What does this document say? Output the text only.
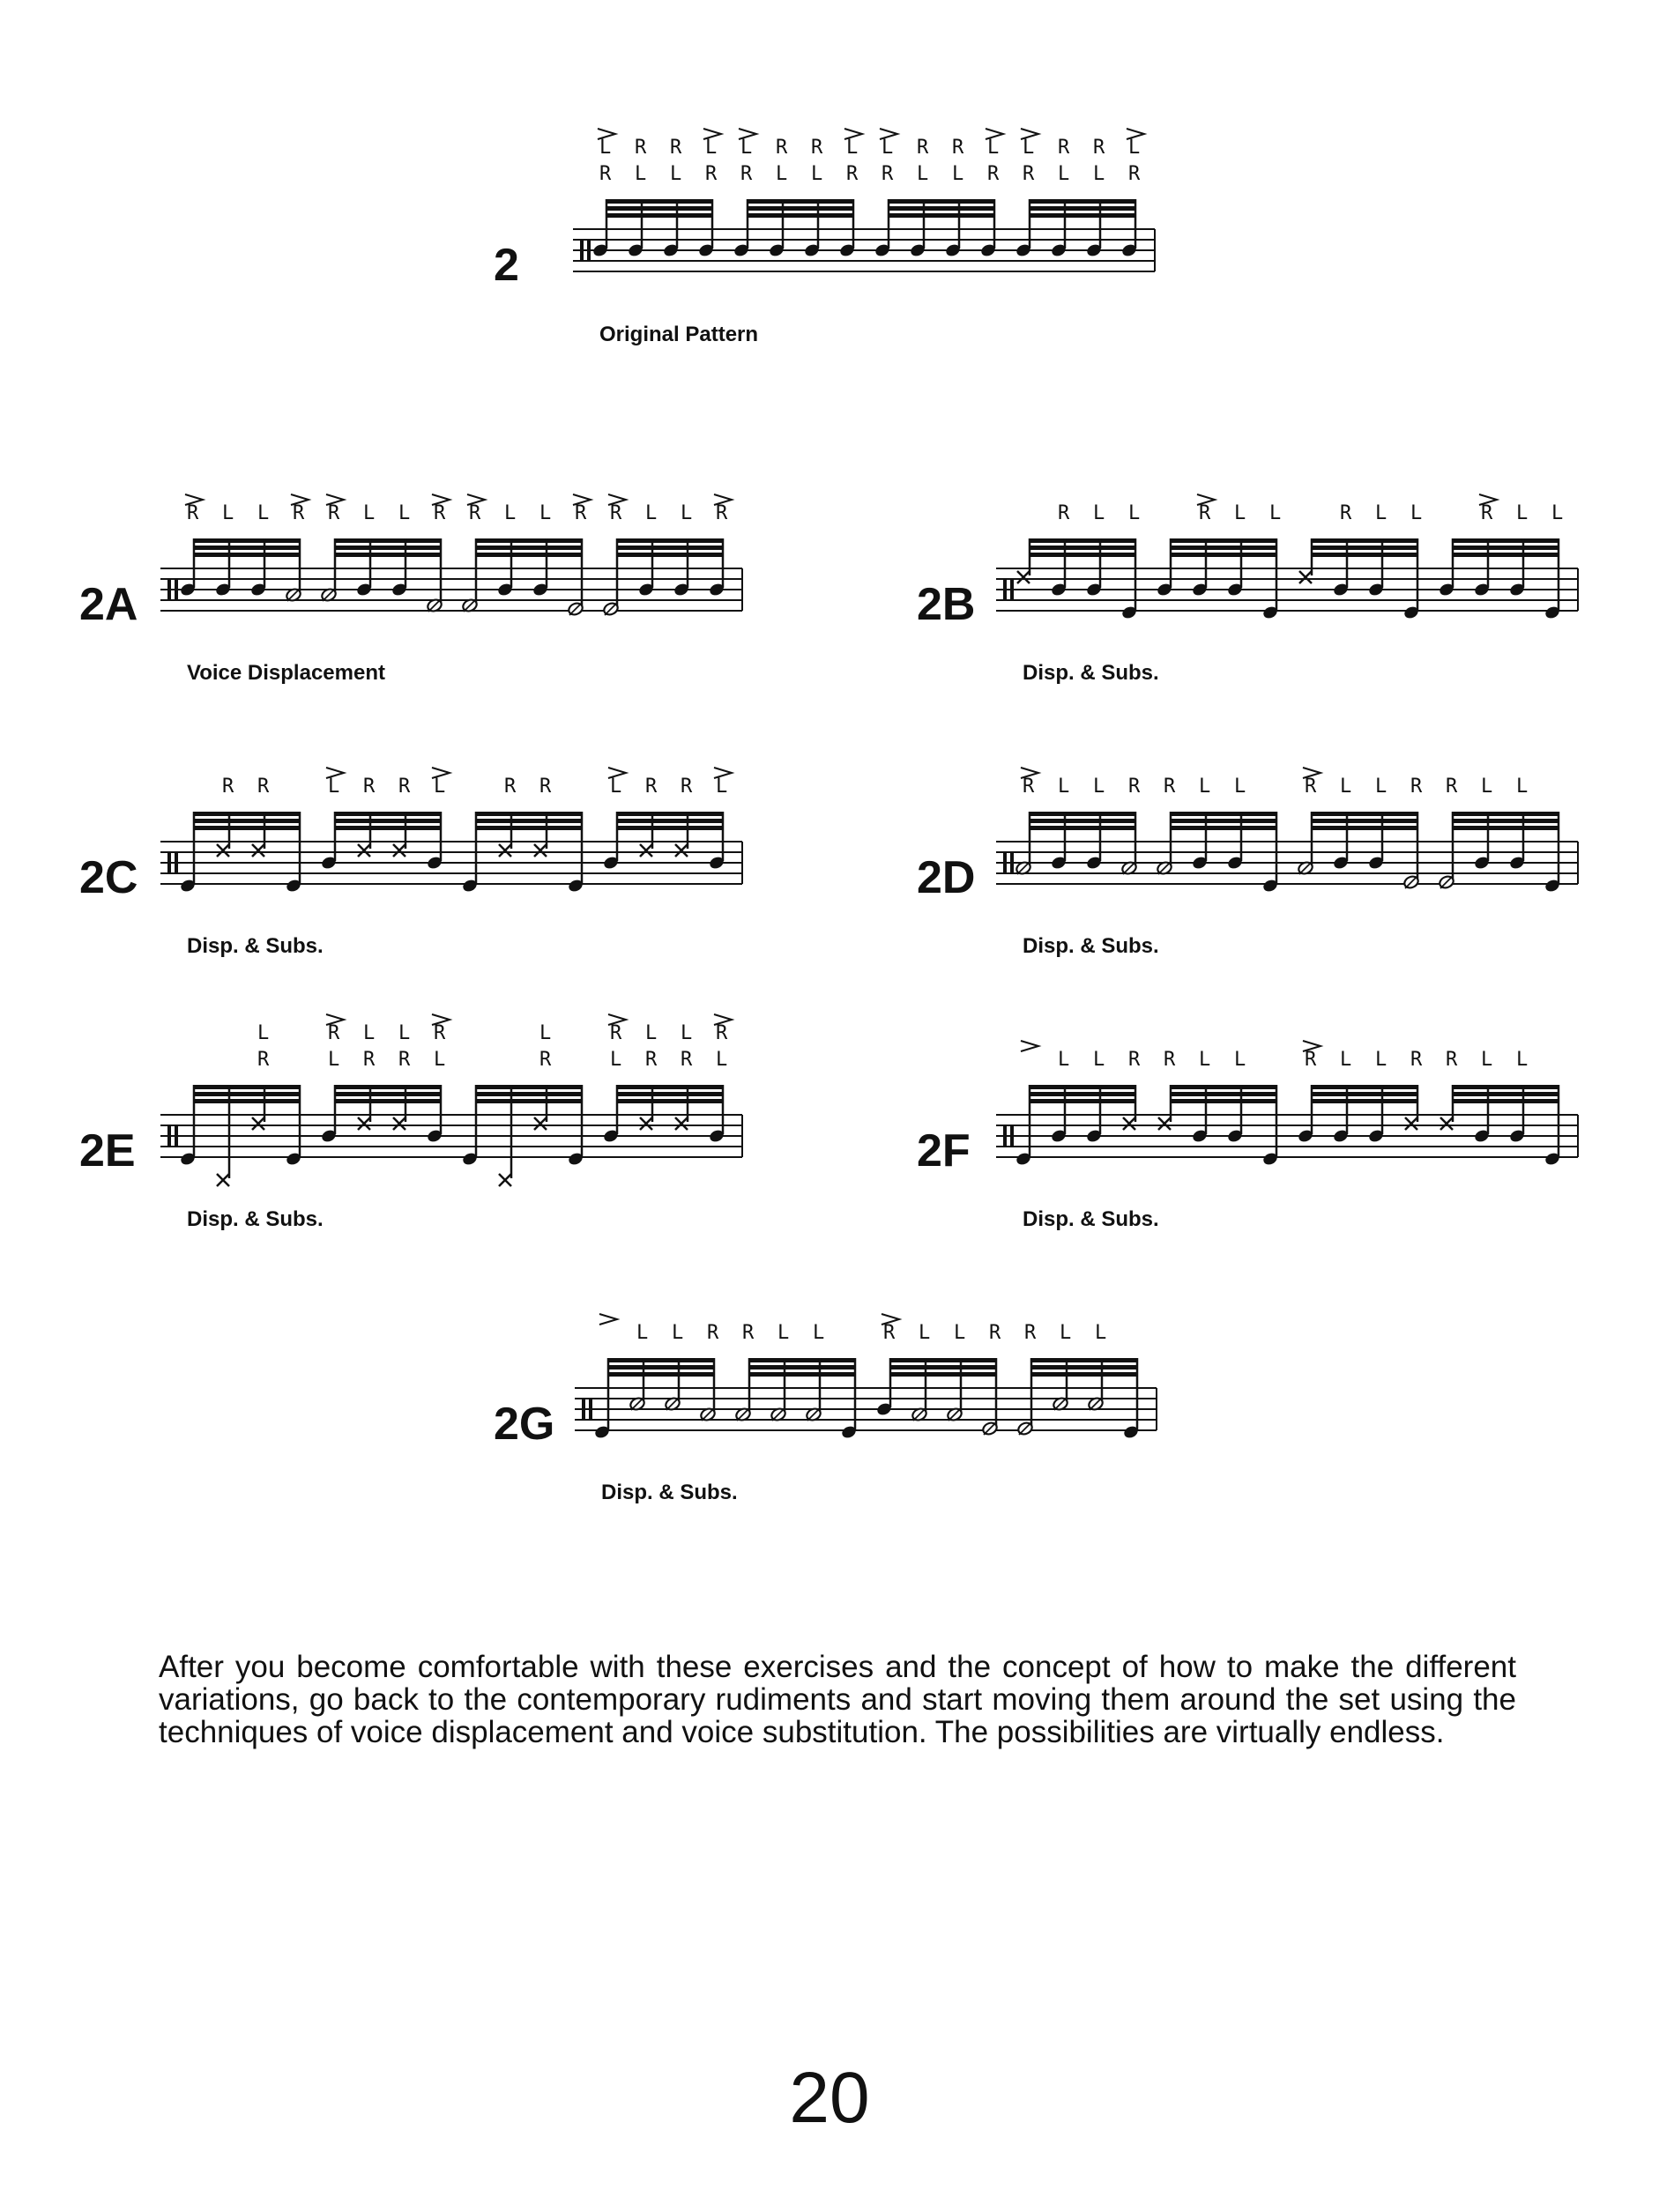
R L L R R L L R R L L R R L L R
L R R L L R R L L R R L L R R L
2
Original Pattern
R L L R R L L R R L L R R L L R
2A
Voice Displacement
R L L	R L L	R L L	R L L
2B
Disp. & Subs.
R R	L R R L	R R	L R R L
2C
Disp. & Subs.
R L L R R L L	R L L R R L L
2D
Disp. & Subs.
R	L R R L	R	L R R L
L	R L L R	L	R L L R
2E
Disp. & Subs.
L L R R L L	R L L R R L L
2F
Disp. & Subs.
L L R R L L	R L L R R L L
2G
Disp. & Subs.

After you become comfortable with these exercises and the concept of how to make the different variations, go back to the contemporary rudiments and start moving them around the set using the techniques of voice displacement and voice substitution. The possibilities are virtually endless.

20
